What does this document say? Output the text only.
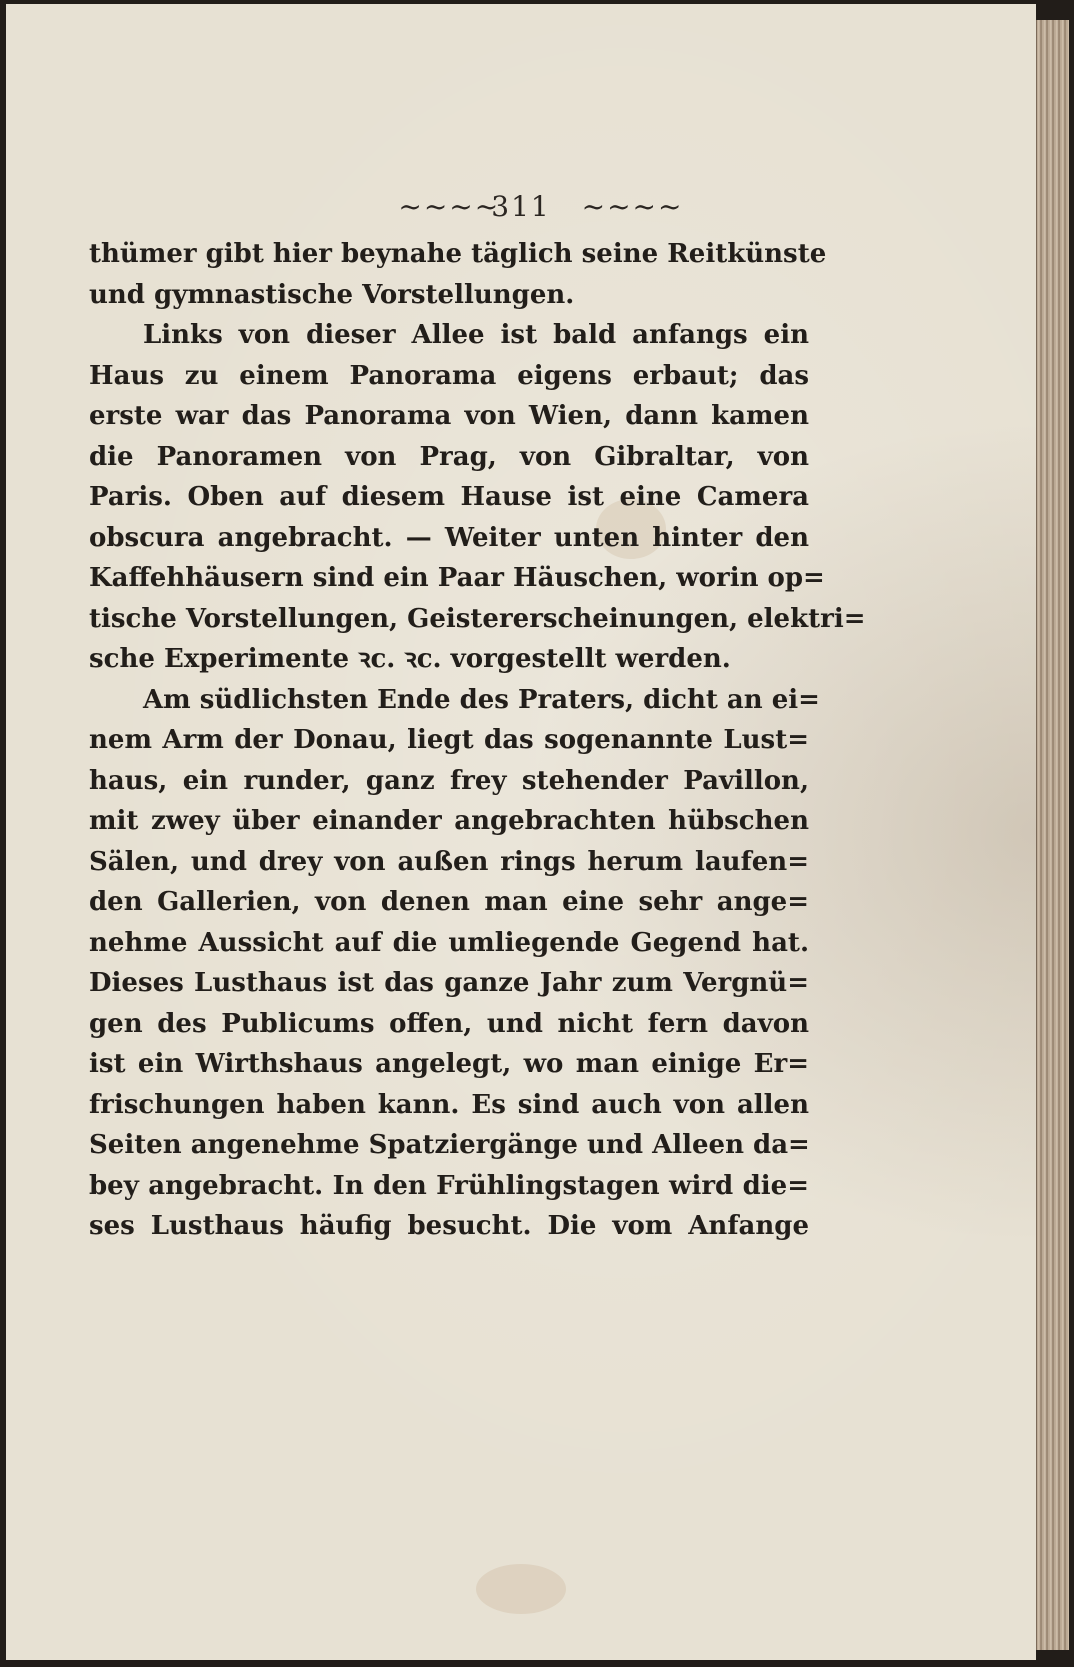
~~~~ 311 ~~~~
thümer gibt hier beynahe täglich seine Reitkünste
und gymnastische Vorstellungen.
Links von dieser Allee ist bald anfangs ein
Haus zu einem Panorama eigens erbaut; das
erste war das Panorama von Wien, dann kamen
die Panoramen von Prag, von Gibraltar, von
Paris. Oben auf diesem Hause ist eine Camera
obscura angebracht. — Weiter unten hinter den
Kaffehhäusern sind ein Paar Häuschen, worin op=
tische Vorstellungen, Geistererscheinungen, elektri=
sche Experimente ꝛc. ꝛc. vorgestellt werden.
Am südlichsten Ende des Praters, dicht an ei=
nem Arm der Donau, liegt das sogenannte Lust=
haus, ein runder, ganz frey stehender Pavillon,
mit zwey über einander angebrachten hübschen
Sälen, und drey von außen rings herum laufen=
den Gallerien, von denen man eine sehr ange=
nehme Aussicht auf die umliegende Gegend hat.
Dieses Lusthaus ist das ganze Jahr zum Vergnü=
gen des Publicums offen, und nicht fern davon
ist ein Wirthshaus angelegt, wo man einige Er=
frischungen haben kann. Es sind auch von allen
Seiten angenehme Spatziergänge und Alleen da=
bey angebracht. In den Frühlingstagen wird die=
ses Lusthaus häufig besucht. Die vom Anfange
